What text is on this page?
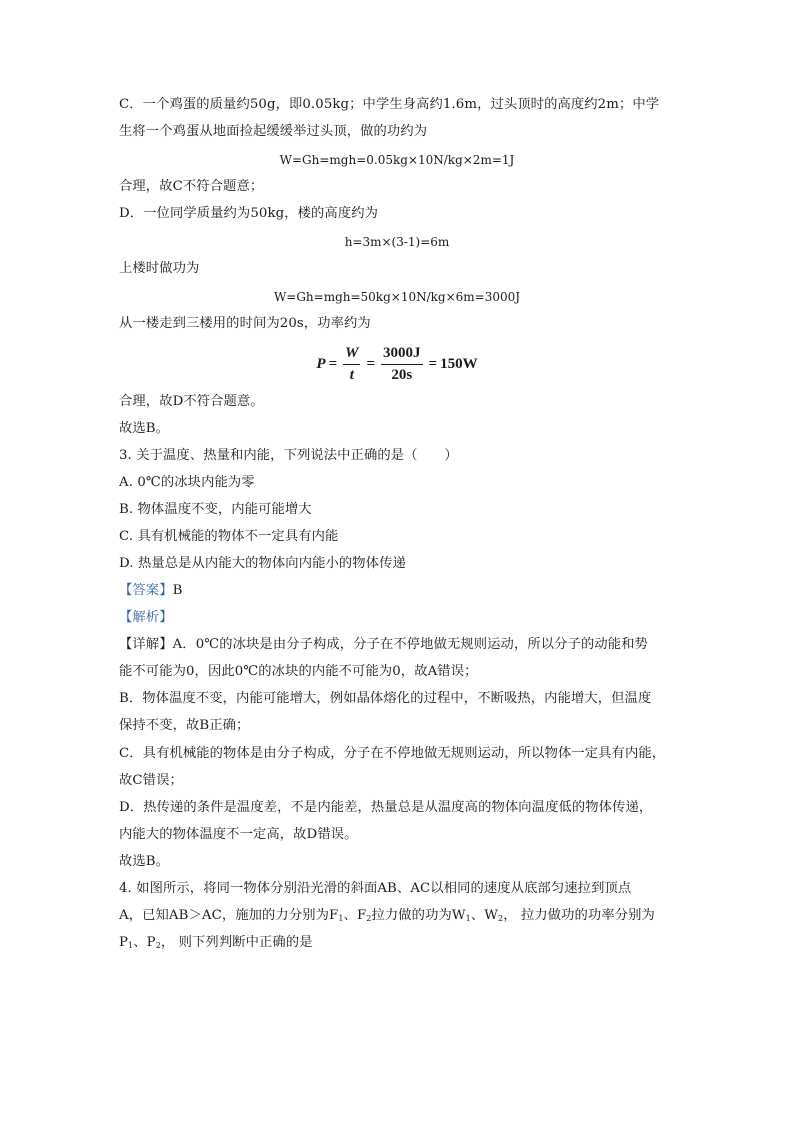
C．一个鸡蛋的质量约50g，即0.05kg；中学生身高约1.6m，过头顶时的高度约2m；中学
生将一个鸡蛋从地面捡起缓缓举过头顶，做的功约为
W=Gh=mgh=0.05kg×10N/kg×2m=1J
合理，故C不符合题意；
D．一位同学质量约为50kg，楼的高度约为
h=3m×(3-1)=6m
上楼时做功为
W=Gh=mgh=50kg×10N/kg×6m=3000J
从一楼走到三楼用的时间为20s，功率约为
$P = \frac{W}{t} = \frac{3000J}{20s} = 150W$
合理，故D不符合题意。
故选B。
3. 关于温度、热量和内能，下列说法中正确的是（　　）
A. 0℃的冰块内能为零
B. 物体温度不变，内能可能增大
C. 具有机械能的物体不一定具有内能
D. 热量总是从内能大的物体向内能小的物体传递
【答案】B
【解析】
【详解】A．0℃的冰块是由分子构成，分子在不停地做无规则运动，所以分子的动能和势
能不可能为0，因此0℃的冰块的内能不可能为0，故A错误；
B．物体温度不变，内能可能增大，例如晶体熔化的过程中，不断吸热，内能增大，但温度
保持不变，故B正确；
C．具有机械能的物体是由分子构成，分子在不停地做无规则运动，所以物体一定具有内能，
故C错误；
D．热传递的条件是温度差，不是内能差，热量总是从温度高的物体向温度低的物体传递，
内能大的物体温度不一定高，故D错误。
故选B。
4. 如图所示，将同一物体分别沿光滑的斜面AB、AC以相同的速度从底部匀速拉到顶点
A，已知AB＞AC，施加的力分别为$F_1$、$F_2$拉力做的功为$W_1$、$W_2$， 拉力做功的功率分别为
$P_1$、$P_2$， 则下列判断中正确的是
